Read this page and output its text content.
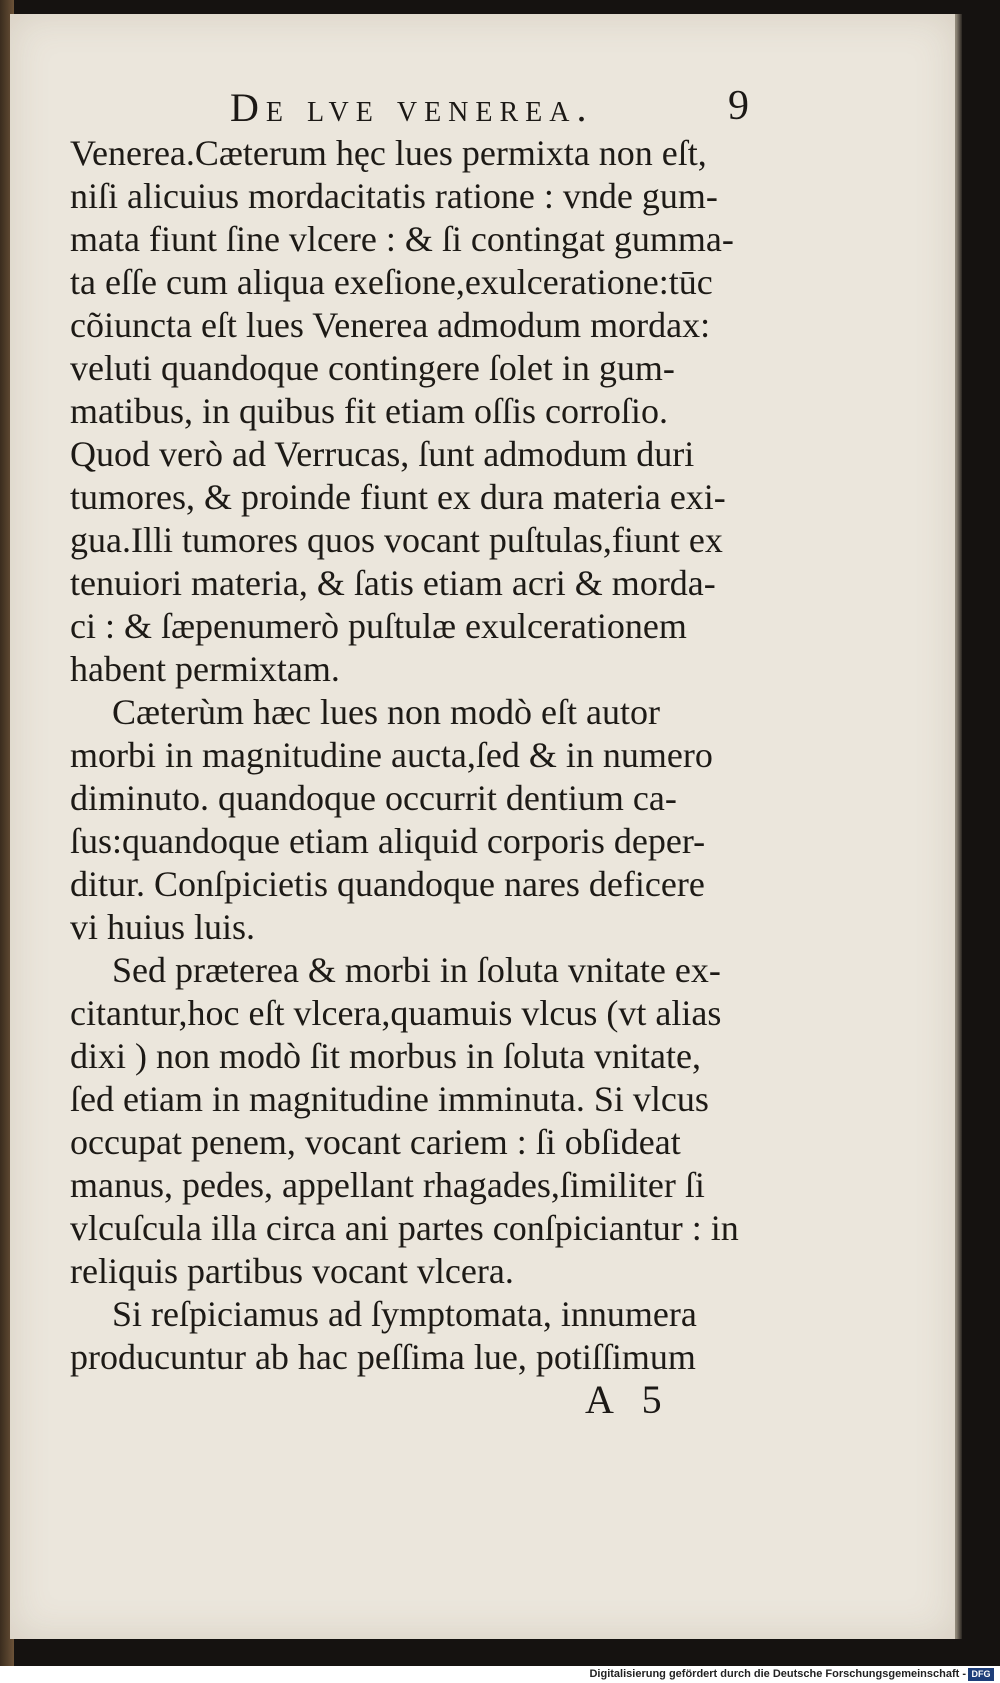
De lve venerea.	9
Venerea.Cæterum hęc lues permixta non eſt,
niſi alicuius mordacitatis ratione : vnde gum-
mata fiunt ſine vlcere : & ſi contingat gumma-
ta eſſe cum aliqua exeſione,exulceratione:tūc
cõiuncta eſt lues Venerea admodum mordax:
veluti quandoque contingere ſolet in gum-
matibus, in quibus fit etiam oſſis corroſio.
Quod verò ad Verrucas, ſunt admodum duri
tumores, & proinde fiunt ex dura materia exi-
gua.Illi tumores quos vocant puſtulas,fiunt ex
tenuiori materia, & ſatis etiam acri & morda-
ci : & ſæpenumerò puſtulæ exulcerationem
habent permixtam.
Cæterùm hæc lues non modò eſt autor
morbi in magnitudine aucta,ſed & in numero
diminuto. quandoque occurrit dentium ca-
ſus:quandoque etiam aliquid corporis deper-
ditur. Conſpicietis quandoque nares deficere
vi huius luis.
Sed præterea & morbi in ſoluta vnitate ex-
citantur,hoc eſt vlcera,quamuis vlcus (vt alias
dixi ) non modò ſit morbus in ſoluta vnitate,
ſed etiam in magnitudine imminuta. Si vlcus
occupat penem, vocant cariem : ſi obſideat
manus, pedes, appellant rhagades,ſimiliter ſi
vlcuſcula illa circa ani partes conſpiciantur : in
reliquis partibus vocant vlcera.
Si reſpiciamus ad ſymptomata, innumera
producuntur ab hac peſſima lue, potiſſimum
A 5
Digitalisierung gefördert durch die Deutsche Forschungsgemeinschaft - DFG
